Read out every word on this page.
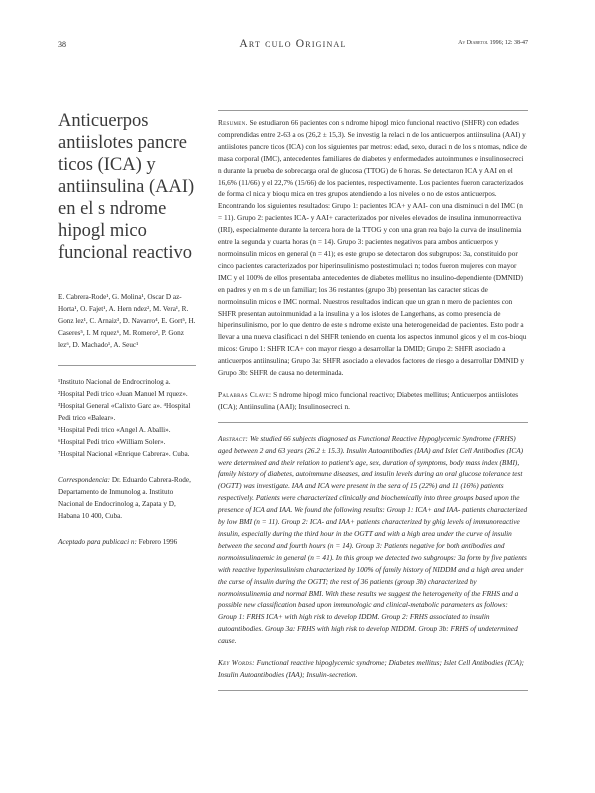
38	Art culo Original	Av Diabetol 1996; 12: 38-47
Anticuerpos antiislotes pancre ticos (ICA) y antiinsulina (AAI) en el s ndrome hipogl mico funcional reactivo

E. Cabrera-Rode¹, G. Molina¹, Oscar D az-Horta¹, O. Fajet¹, A. Hern ndez², M. Vera¹, R. Gonz lez¹, C. Arnaiz³, D. Navarro⁴, E. Gort⁵, H. Caseres⁵, I. M rquez⁶, M. Romero², P. Gonz lez⁶, D. Machado¹, A. Seuc¹

¹Instituto Nacional de Endrocrinolog a.
²Hospital Pedi trico «Juan Manuel M rquez». ³Hospital General «Calixto Garc a». ⁴Hospital Pedi trico «Balear».
⁵Hospital Pedi trico «Angel A. Aballi».
⁶Hospital Pedi trico «William Soler».
⁷Hospital Nacional «Enrique Cabrera». Cuba.

Correspondencia: Dr. Eduardo Cabrera-Rode, Departamento de Inmunolog a. Instituto Nacional de Endocrinolog a, Zapata y D, Habana 10 400, Cuba.

Aceptado para publicaci n: Febrero 1996

Resumen. Se estudiaron 66 pacientes con s ndrome hipogl mico funcional reactivo (SHFR) con edades comprendidas entre 2-63 a os (26,2 ± 15,3). Se investig la relaci n de los anticuerpos antiinsulina (AAI) y antiislotes pancre ticos (ICA) con los siguientes par metros: edad, sexo, duraci n de los s ntomas, ndice de masa corporal (IMC), antecedentes familiares de diabetes y enfermedades autoinmunes e insulinosecreci n durante la prueba de sobrecarga oral de glucosa (TTOG) de 6 horas. Se detectaron ICA y AAI en el 16,6% (11/66) y el 22,7% (15/66) de los pacientes, respectivamente. Los pacientes fueron caracterizados de forma cl nica y bioqu mica en tres grupos atendiendo a los niveles o no de estos anticuerpos. Encontrando los siguientes resultados: Grupo 1: pacientes ICA+ y AAI- con una disminuci n del IMC (n = 11). Grupo 2: pacientes ICA- y AAI+ caracterizados por niveles elevados de insulina inmunorreactiva (IRI), especialmente durante la tercera hora de la TTOG y con una gran rea bajo la curva de insulinemia entre la segunda y cuarta horas (n = 14). Grupo 3: pacientes negativos para ambos anticuerpos y normoinsulin micos en general (n = 41); es este grupo se detectaron dos subgrupos: 3a, constituido por cinco pacientes caracterizados por hiperinsulinismo postestimulaci n; todos fueron mujeres con mayor IMC y el 100% de ellos presentaba antecedentes de diabetes mellitus no insulino-dependiente (DMNID) en padres y en m s de un familiar; los 36 restantes (grupo 3b) presentan las caracter sticas de normoinsulin micos e IMC normal. Nuestros resultados indican que un gran n mero de pacientes con SHFR presentan autoinmunidad a la insulina y a los islotes de Langerhans, as como presencia de hiperinsulinismo, por lo que dentro de este s ndrome existe una heterogeneidad de pacientes. Esto podr a llevar a una nueva clasificaci n del SHFR teniendo en cuenta los aspectos inmunol gicos y el m cos-bioqu micos: Grupo 1: SHFR ICA+ con mayor riesgo a desarrollar la DMID; Grupo 2: SHFR asociado a anticuerpos antiinsulina; Grupo 3a: SHFR asociado a elevados factores de riesgo a desarrollar DMNID y Grupo 3b: SHFR de causa no determinada.

Palabras Clave: S ndrome hipogl mico funcional reactivo; Diabetes mellitus; Anticuerpos antiislotes (ICA); Antiinsulina (AAI); Insulinosecreci n.

Abstract: We studied 66 subjects diagnosed as Functional Reactive Hypoglycemic Syndrome (FRHS) aged between 2 and 63 years (26.2 ± 15.3). Insulin Autoantibodies (IAA) and Islet Cell Antibodies (ICA) were determined and their relation to patient's age, sex, duration of symptoms, body mass index (BMI), family history of diabetes, autoimmune diseases, and insulin levels during an oral glucose tolerance test (OGTT) was investigate. IAA and ICA were present in the sera of 15 (22%) and 11 (16%) patients respectively. Patients were characterized clinically and biochemically into three groups based upon the presence of ICA and IAA. We found the following results: Group 1: ICA+ and IAA- patients characterized by low BMI (n = 11). Group 2: ICA- and IAA+ patients characterized by ghig levels of immunoreactive insulin, especially during the third hour in the OGTT and with a high area under the curve of insulin between the second and fourth hours (n = 14). Group 3: Patients negative for both antibodies and normoinsulinaemic in general (n = 41). In this group we detected two subgroups: 3a form by five patients with reactive hyperinsulinism characterized by 100% of family history of NIDDM and a high area under the curse of insulin during the OGTT; the rest of 36 patients (group 3b) characterized by normoinsulinemia and normal BMI. With these results we suggest the heterogeneity of the FRHS and a possible new classification based upon immunologic and clinical-metabolic parameters as follows: Group 1: FRHS ICA+ with high risk to develop IDDM. Group 2: FRHS associated to insulin autoantibodies. Group 3a: FRHS with high risk to develop NIDDM. Group 3b: FRHS of undetermined cause.

Key Words: Functional reactive hipoglycemic syndrome; Diabetes mellitus; Islet Cell Antibodies (ICA); Insulin Autoantibodies (IAA); Insulin-secretion.
